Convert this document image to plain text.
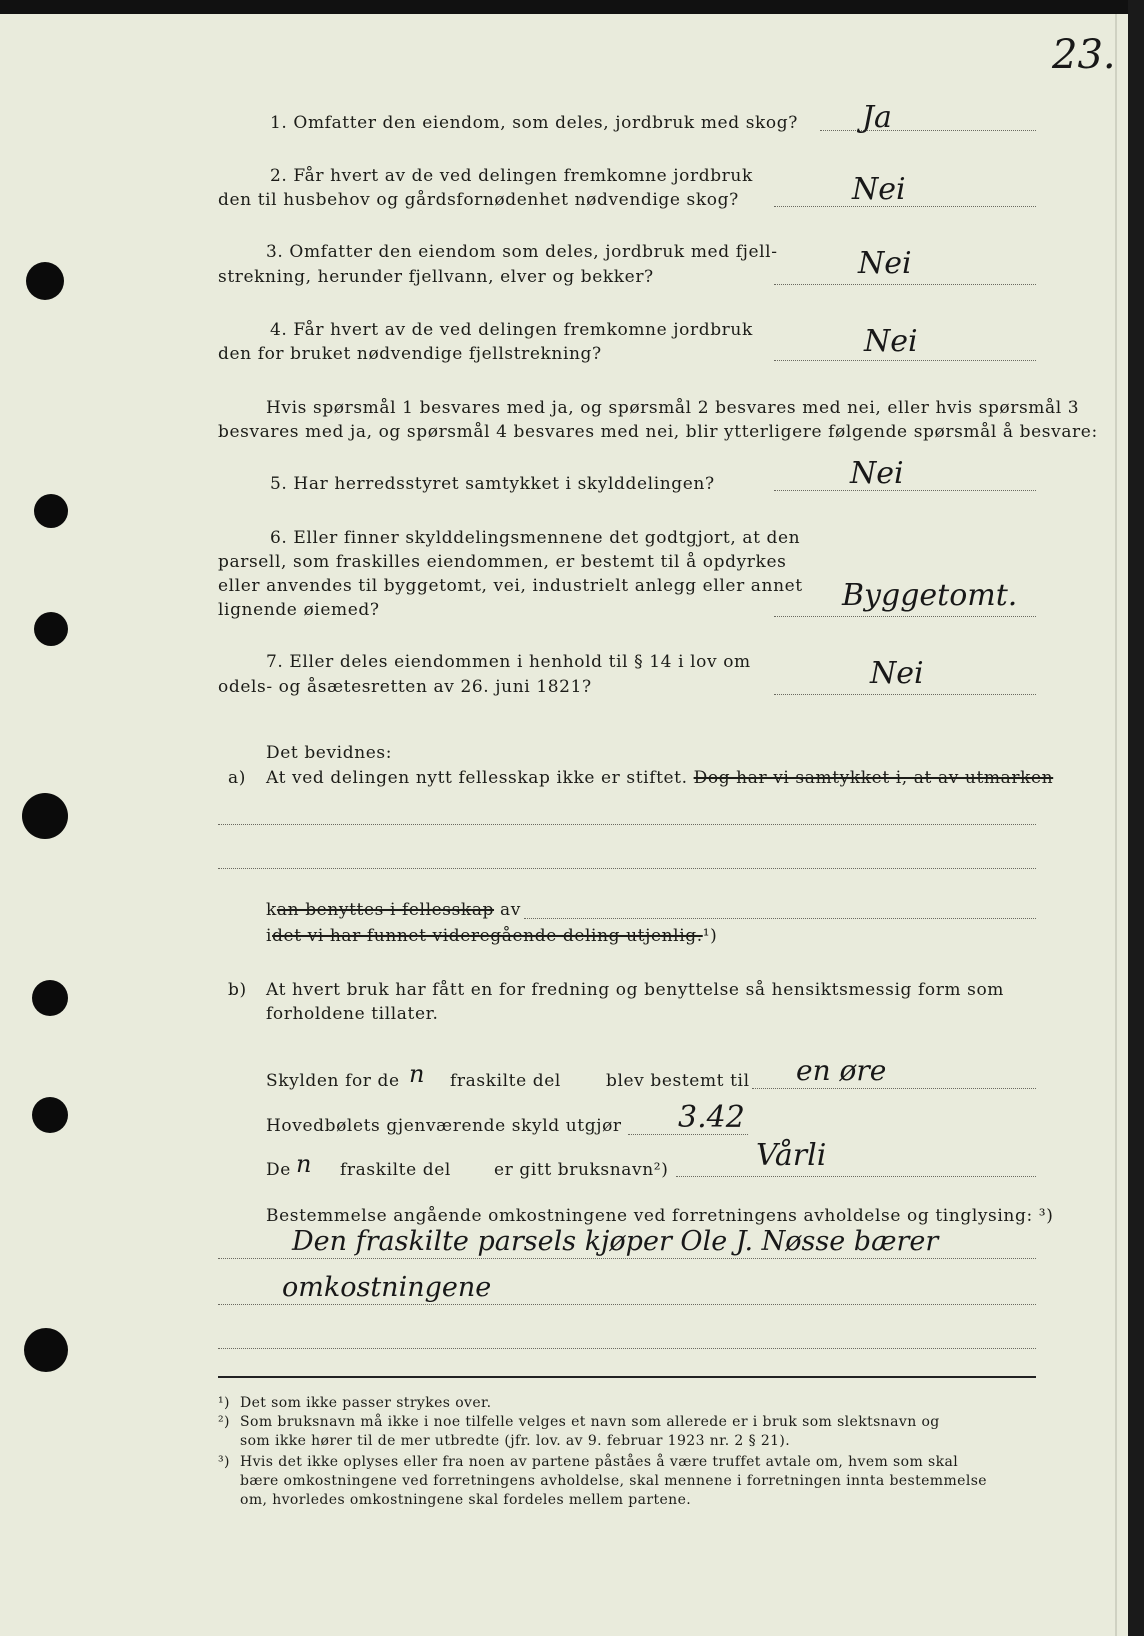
23.
1. Omfatter den eiendom, som deles, jordbruk med skog? Ja
2. Får hvert av de ved delingen fremkomne jordbruk
den til husbehov og gårdsfornødenhet nødvendige skog?	Nei
3. Omfatter den eiendom som deles, jordbruk med fjell-
strekning, herunder fjellvann, elver og bekker?	Nei
4. Får hvert av de ved delingen fremkomne jordbruk
den for bruket nødvendige fjellstrekning?	Nei
Hvis spørsmål 1 besvares med ja, og spørsmål 2 besvares med nei, eller hvis spørsmål 3
besvares med ja, og spørsmål 4 besvares med nei, blir ytterligere følgende spørsmål å besvare:
5. Har herredsstyret samtykket i skylddelingen?	Nei
6. Eller finner skylddelingsmennene det godtgjort, at den
parsell, som fraskilles eiendommen, er bestemt til å opdyrkes
eller anvendes til byggetomt, vei, industrielt anlegg eller annet
lignende øiemed?	Byggetomt.
7. Eller deles eiendommen i henhold til § 14 i lov om
odels- og åsætesretten av 26. juni 1821?	Nei
Det bevidnes:
a) At ved delingen nytt fellesskap ikke er stiftet. Dog har vi samtykket i, at av utmarken
kan benyttes i fellesskap av
idet vi har funnet videregående deling utjenlig.¹)
b) At hvert bruk har fått en for fredning og benyttelse så hensiktsmessig form som
forholdene tillater.
Skylden for de n fraskilte del	blev bestemt til en øre
Hovedbølets gjenværende skyld utgjør 3.42
De n fraskilte del	er gitt bruksnavn²)	Vårli
Bestemmelse angående omkostningene ved forretningens avholdelse og tinglysing: ³)
Den fraskilte parsels kjøper Ole J. Nøsse bærer
omkostningene
¹) Det som ikke passer strykes over.
²) Som bruksnavn må ikke i noe tilfelle velges et navn som allerede er i bruk som slektsnavn og
som ikke hører til de mer utbredte (jfr. lov. av 9. februar 1923 nr. 2 § 21).
³) Hvis det ikke oplyses eller fra noen av partene påståes å være truffet avtale om, hvem som skal
bære omkostningene ved forretningens avholdelse, skal mennene i forretningen innta bestemmelse
om, hvorledes omkostningene skal fordeles mellem partene.
